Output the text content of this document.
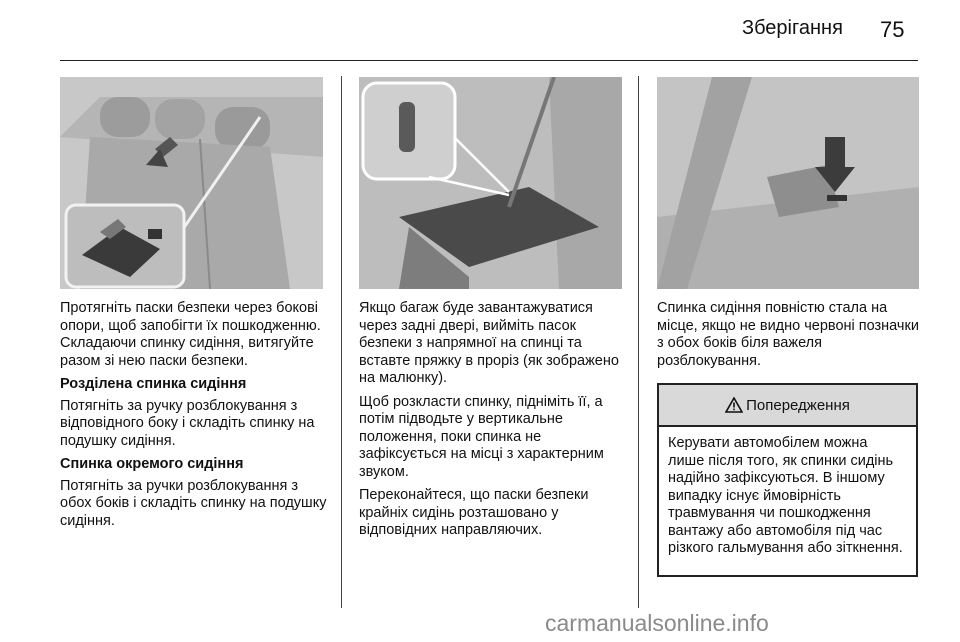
Зберігання 75

Протягніть паски безпеки через бокові опори, щоб запобігти їх пошкодженню. Складаючи спинку сидіння, витягуйте разом зі нею паски безпеки.

Розділена спинка сидіння

Потягніть за ручку розблокування з відповідного боку і складіть спинку на подушку сидіння.

Спинка окремого сидіння

Потягніть за ручки розблокування з обох боків і складіть спинку на подушку сидіння.

Якщо багаж буде завантажуватися через задні двері, вийміть пасок безпеки з напрямної на спинці та вставте пряжку в проріз (як зображено на малюнку).

Щоб розкласти спинку, підніміть її, а потім підводьте у вертикальне положення, поки спинка не зафіксується на місці з характерним звуком.

Переконайтеся, що паски безпеки крайніх сидінь розташовано у відповідних направляючих.

Спинка сидіння повністю стала на місце, якщо не видно червоні позначки з обох боків біля важеля розблокування.

Попередження
Керувати автомобілем можна лише після того, як спинки сидінь надійно зафіксуються. В іншому випадку існує ймовірність травмування чи пошкодження вантажу або автомобіля під час різкого гальмування або зіткнення.
carmanualsonline.info
